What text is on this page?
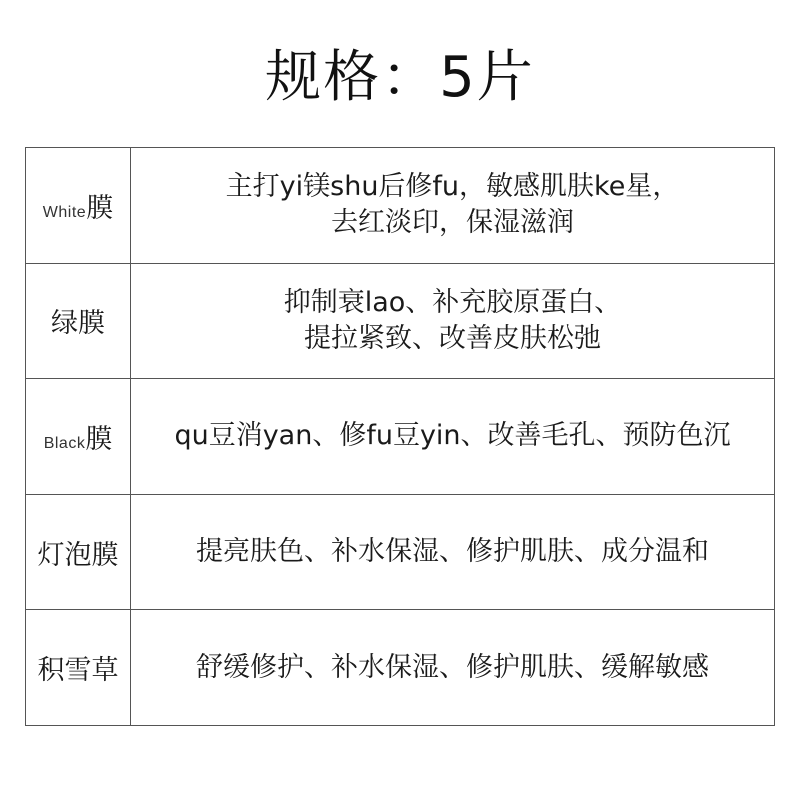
规格：5片
White膜	主打yi镁shu后修fu，敏感肌肤ke星，
去红淡印，保湿滋润

绿膜	抑制衰lao、补充胶原蛋白、
提拉紧致、改善皮肤松弛

Black膜	qu豆消yan、修fu豆yin、改善毛孔、预防色沉

灯泡膜	提亮肤色、补水保湿、修护肌肤、成分温和

积雪草	舒缓修护、补水保湿、修护肌肤、缓解敏感
